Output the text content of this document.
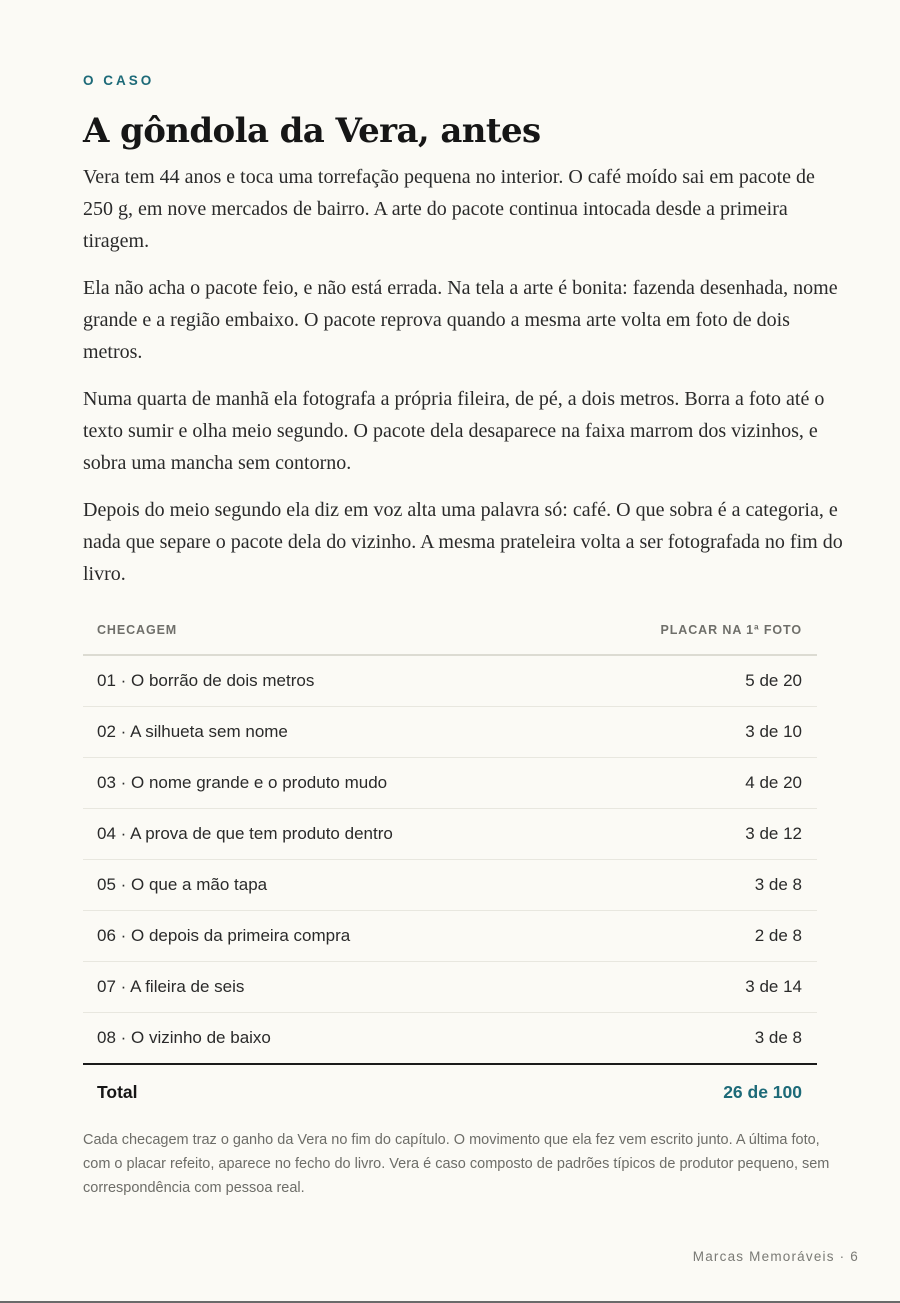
O CASO
A gôndola da Vera, antes

Vera tem 44 anos e toca uma torrefação pequena no interior. O café moído sai em pacote de 250 g, em nove mercados de bairro. A arte do pacote continua intocada desde a primeira tiragem.

Ela não acha o pacote feio, e não está errada. Na tela a arte é bonita: fazenda desenhada, nome grande e a região embaixo. O pacote reprova quando a mesma arte volta em foto de dois metros.

Numa quarta de manhã ela fotografa a própria fileira, de pé, a dois metros. Borra a foto até o texto sumir e olha meio segundo. O pacote dela desaparece na faixa marrom dos vizinhos, e sobra uma mancha sem contorno.

Depois do meio segundo ela diz em voz alta uma palavra só: café. O que sobra é a categoria, e nada que separe o pacote dela do vizinho. A mesma prateleira volta a ser fotografada no fim do livro.

CHECAGEM	PLACAR NA 1ª FOTO
01 · O borrão de dois metros	5 de 20
02 · A silhueta sem nome	3 de 10
03 · O nome grande e o produto mudo	4 de 20
04 · A prova de que tem produto dentro	3 de 12
05 · O que a mão tapa	3 de 8
06 · O depois da primeira compra	2 de 8
07 · A fileira de seis	3 de 14
08 · O vizinho de baixo	3 de 8
Total	26 de 100

Cada checagem traz o ganho da Vera no fim do capítulo. O movimento que ela fez vem escrito junto. A última foto, com o placar refeito, aparece no fecho do livro. Vera é caso composto de padrões típicos de produtor pequeno, sem correspondência com pessoa real.

Marcas Memoráveis · 6
